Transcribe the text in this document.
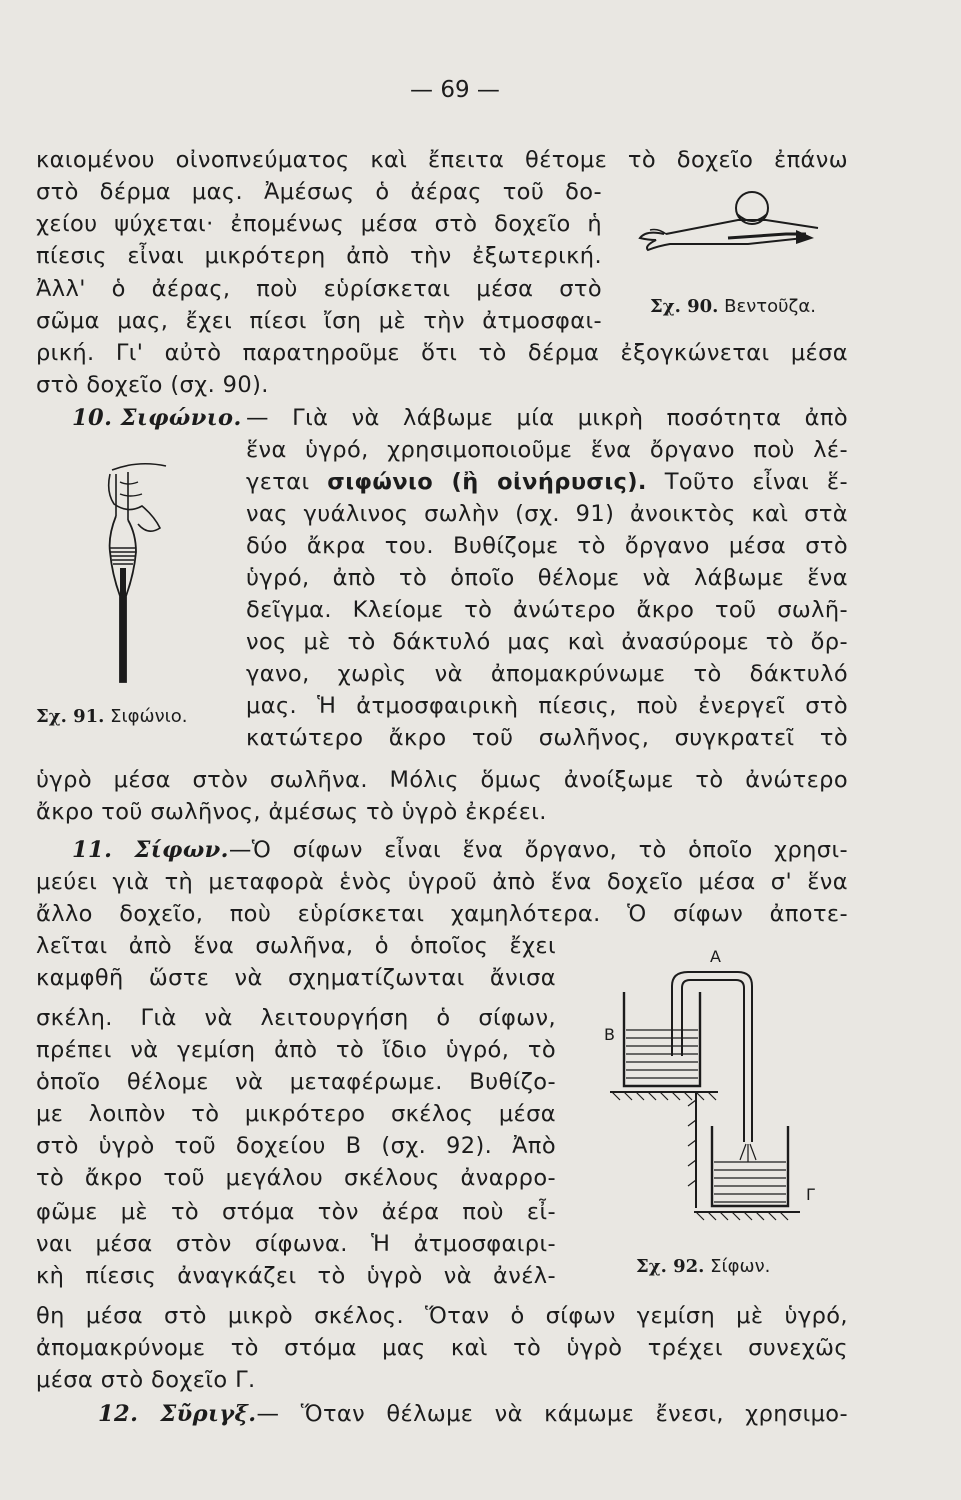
— 69 —
καιομένου οἰνοπνεύματος καὶ ἔπειτα θέτομε τὸ δοχεῖο ἐπάνω
στὸ δέρμα μας. Ἀμέσως ὁ ἀέρας τοῦ δο-
χείου ψύχεται· ἐπομένως μέσα στὸ δοχεῖο ἡ
πίεσις εἶναι μικρότερη ἀπὸ τὴν ἐξωτερική.
Ἀλλ' ὁ ἀέρας, ποὺ εὑρίσκεται μέσα στὸ
σῶμα μας, ἔχει πίεσι ἴση μὲ τὴν ἀτμοσφαι-
ρική. Γι' αὐτὸ παρατηροῦμε ὅτι τὸ δέρμα ἐξογκώνεται μέσα
στὸ δοχεῖο (σχ. 90).
Σχ. 90. Βεντοῦζα.
10. Σιφώνιο. — Γιὰ νὰ λάβωμε μία μικρὴ ποσότητα ἀπὸ
ἕνα ὑγρό, χρησιμοποιοῦμε ἕνα ὄργανο ποὺ λέ-
γεται σιφώνιο (ἢ οἰνήρυσις). Τοῦτο εἶναι ἕ-
νας γυάλινος σωλὴν (σχ. 91) ἀνοικτὸς καὶ στὰ
δύο ἄκρα του. Βυθίζομε τὸ ὄργανο μέσα στὸ
ὑγρό, ἀπὸ τὸ ὁποῖο θέλομε νὰ λάβωμε ἕνα
δεῖγμα. Κλείομε τὸ ἀνώτερο ἄκρο τοῦ σωλῆ-
νος μὲ τὸ δάκτυλό μας καὶ ἀνασύρομε τὸ ὄρ-
γανο, χωρὶς νὰ ἀπομακρύνωμε τὸ δάκτυλό
μας. Ἡ ἀτμοσφαιρικὴ πίεσις, ποὺ ἐνεργεῖ στὸ
κατώτερο ἄκρο τοῦ σωλῆνος, συγκρατεῖ τὸ
Σχ. 91. Σιφώνιο.
ὑγρὸ μέσα στὸν σωλῆνα. Μόλις ὅμως ἀνοίξωμε τὸ ἀνώτερο
ἄκρο τοῦ σωλῆνος, ἀμέσως τὸ ὑγρὸ ἐκρέει.
11. Σίφων.—Ὁ σίφων εἶναι ἕνα ὄργανο, τὸ ὁποῖο χρησι-
μεύει γιὰ τὴ μεταφορὰ ἑνὸς ὑγροῦ ἀπὸ ἕνα δοχεῖο μέσα σ' ἕνα
ἄλλο δοχεῖο, ποὺ εὑρίσκεται χαμηλότερα. Ὁ σίφων ἀποτε-
λεῖται ἀπὸ ἕνα σωλῆνα, ὁ ὁποῖος ἔχει
καμφθῆ ὥστε νὰ σχηματίζωνται ἄνισα
σκέλη. Γιὰ νὰ λειτουργήση ὁ σίφων,
πρέπει νὰ γεμίση ἀπὸ τὸ ἴδιο ὑγρό, τὸ
ὁποῖο θέλομε νὰ μεταφέρωμε. Βυθίζο-
με λοιπὸν τὸ μικρότερο σκέλος μέσα
στὸ ὑγρὸ τοῦ δοχείου Β (σχ. 92). Ἀπὸ
τὸ ἄκρο τοῦ μεγάλου σκέλους ἀναρρο-
φῶμε μὲ τὸ στόμα τὸν ἀέρα ποὺ εἶ-
ναι μέσα στὸν σίφωνα. Ἡ ἀτμοσφαιρι-
κὴ πίεσις ἀναγκάζει τὸ ὑγρὸ νὰ ἀνέλ-
θη μέσα στὸ μικρὸ σκέλος. Ὅταν ὁ σίφων γεμίση μὲ ὑγρό,
ἀπομακρύνομε τὸ στόμα μας καὶ τὸ ὑγρὸ τρέχει συνεχῶς
μέσα στὸ δοχεῖο Γ.
Α
Β
Γ
Σχ. 92. Σίφων.
12. Σῦριγξ.— Ὅταν θέλωμε νὰ κάμωμε ἔνεσι, χρησιμο-
